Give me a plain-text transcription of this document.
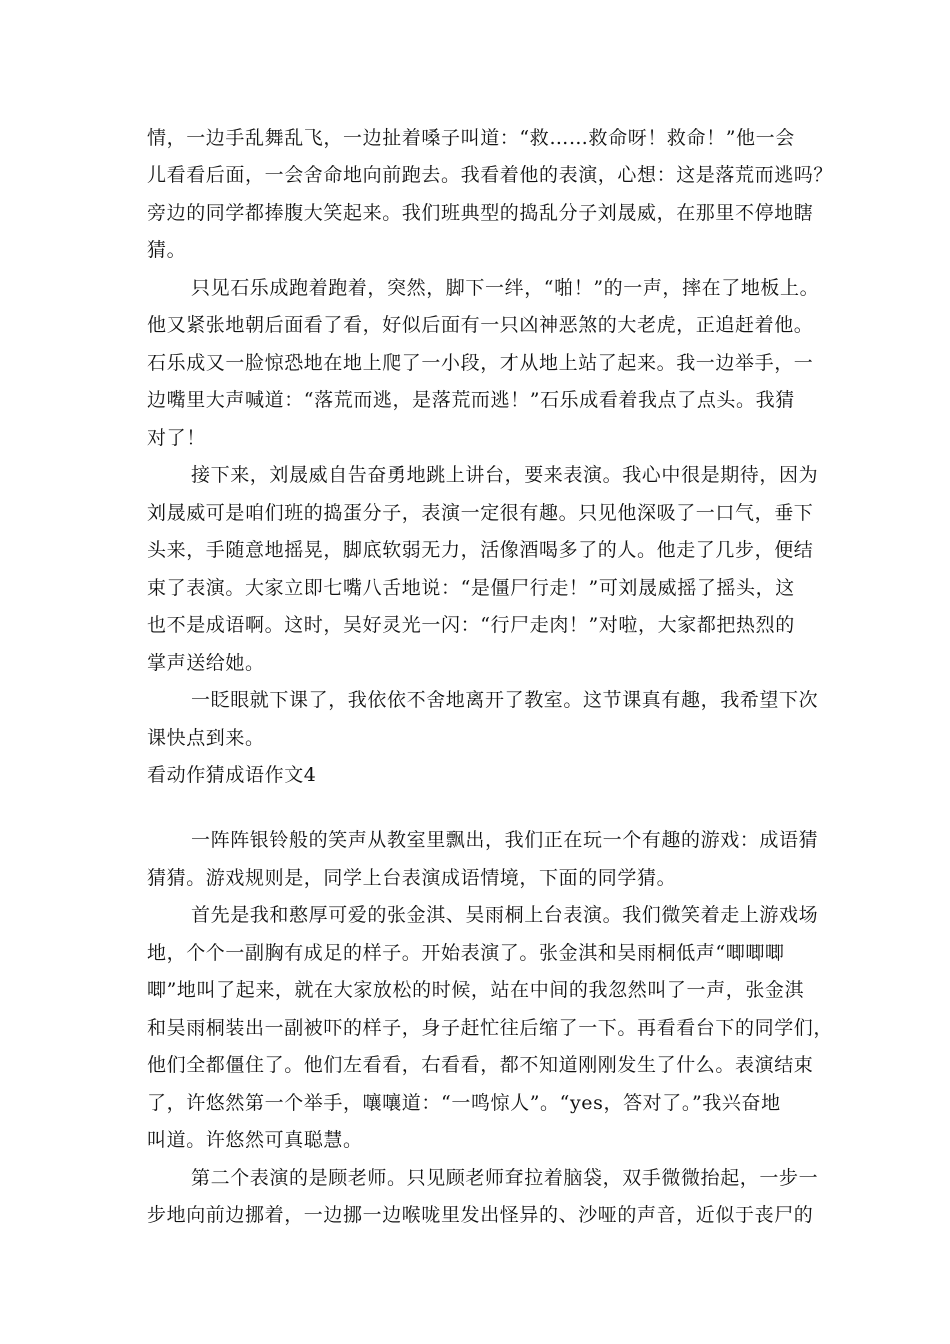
情，一边手乱舞乱飞，一边扯着嗓子叫道：“救……救命呀！救命！”他一会
儿看看后面，一会舍命地向前跑去。我看着他的表演，心想：这是落荒而逃吗？
旁边的同学都捧腹大笑起来。我们班典型的捣乱分子刘晟威，在那里不停地瞎
猜。
只见石乐成跑着跑着，突然，脚下一绊，“啪！”的一声，摔在了地板上。
他又紧张地朝后面看了看，好似后面有一只凶神恶煞的大老虎，正追赶着他。
石乐成又一脸惊恐地在地上爬了一小段，才从地上站了起来。我一边举手，一
边嘴里大声喊道：“落荒而逃，是落荒而逃！”石乐成看着我点了点头。我猜
对了！
接下来，刘晟威自告奋勇地跳上讲台，要来表演。我心中很是期待，因为
刘晟威可是咱们班的捣蛋分子，表演一定很有趣。只见他深吸了一口气，垂下
头来，手随意地摇晃，脚底软弱无力，活像酒喝多了的人。他走了几步，便结
束了表演。大家立即七嘴八舌地说：“是僵尸行走！”可刘晟威摇了摇头，这
也不是成语啊。这时，吴好灵光一闪：“行尸走肉！”对啦，大家都把热烈的
掌声送给她。
一眨眼就下课了，我依依不舍地离开了教室。这节课真有趣，我希望下次
课快点到来。
看动作猜成语作文4
一阵阵银铃般的笑声从教室里飘出，我们正在玩一个有趣的游戏：成语猜
猜猜。游戏规则是，同学上台表演成语情境，下面的同学猜。
首先是我和憨厚可爱的张金淇、吴雨桐上台表演。我们微笑着走上游戏场
地，个个一副胸有成足的样子。开始表演了。张金淇和吴雨桐低声“唧唧唧
唧”地叫了起来，就在大家放松的时候，站在中间的我忽然叫了一声，张金淇
和吴雨桐装出一副被吓的样子，身子赶忙往后缩了一下。再看看台下的同学们，
他们全都僵住了。他们左看看，右看看，都不知道刚刚发生了什么。表演结束
了，许悠然第一个举手，嚷嚷道：“一鸣惊人”。“yes，答对了。”我兴奋地
叫道。许悠然可真聪慧。
第二个表演的是顾老师。只见顾老师耷拉着脑袋，双手微微抬起，一步一
步地向前边挪着，一边挪一边喉咙里发出怪异的、沙哑的声音，近似于丧尸的
